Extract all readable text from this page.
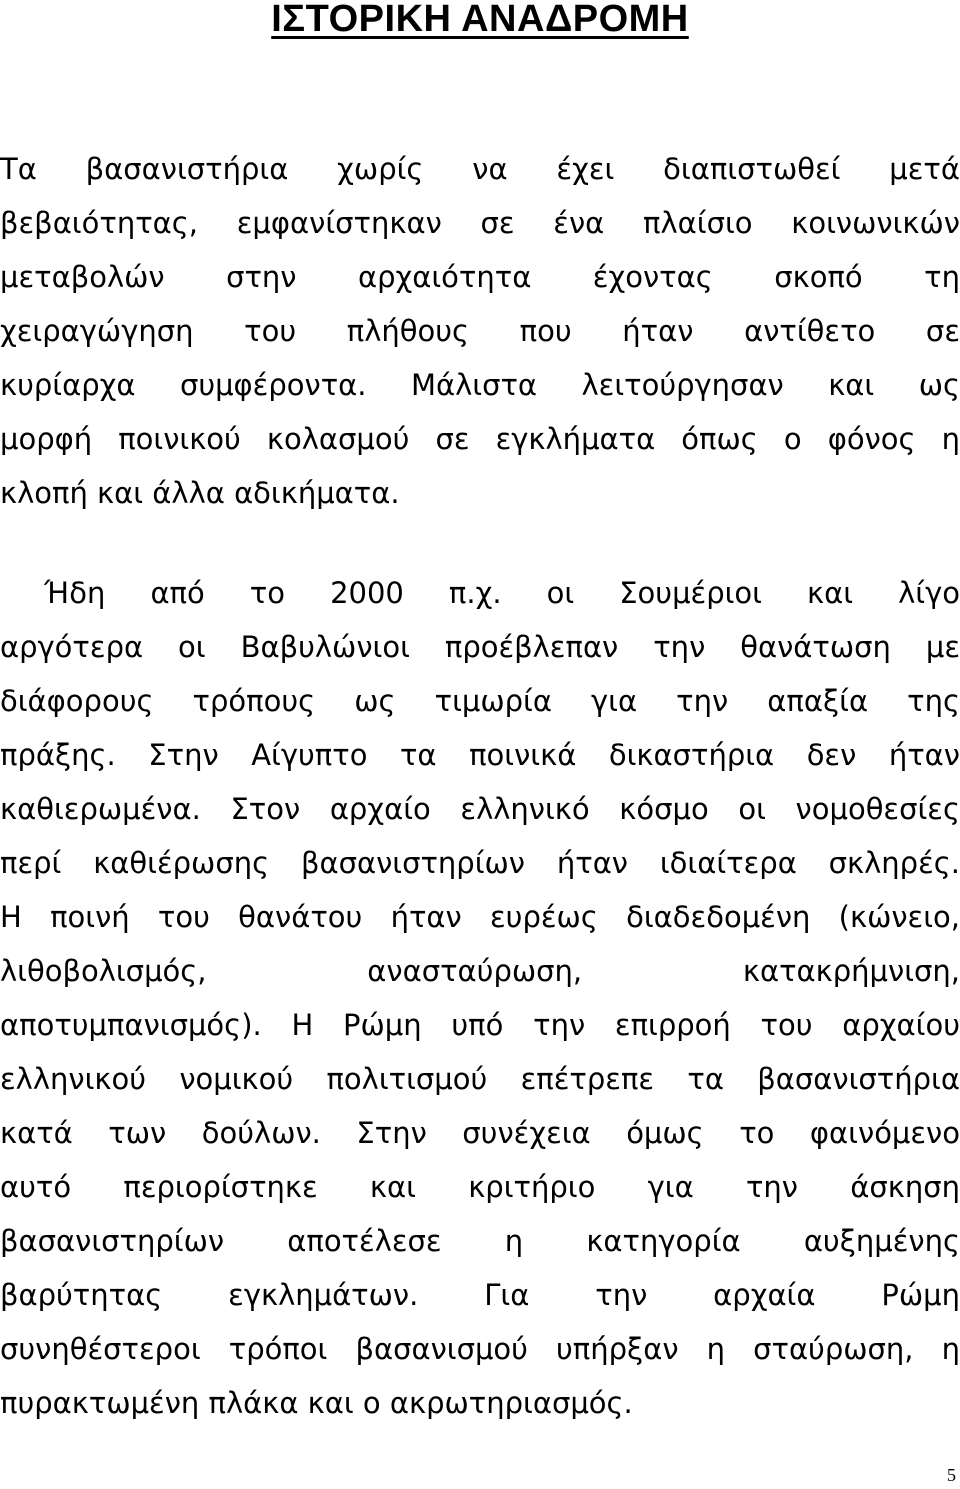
ΙΣΤΟΡΙΚΗ ΑΝΑΔΡΟΜΗ
Τα βασανιστήρια χωρίς να έχει διαπιστωθεί μετά
βεβαιότητας, εμφανίστηκαν σε ένα πλαίσιο κοινωνικών
μεταβολών στην αρχαιότητα έχοντας σκοπό τη
χειραγώγηση του πλήθους που ήταν αντίθετο σε
κυρίαρχα συμφέροντα. Μάλιστα λειτούργησαν και ως
μορφή ποινικού κολασμού σε εγκλήματα όπως ο φόνος η
κλοπή και άλλα αδικήματα.
Ήδη από το 2000 π.χ. οι Σουμέριοι και λίγο
αργότερα οι Βαβυλώνιοι προέβλεπαν την θανάτωση με
διάφορους τρόπους ως τιμωρία για την απαξία της
πράξης. Στην Αίγυπτο τα ποινικά δικαστήρια δεν ήταν
καθιερωμένα. Στον αρχαίο ελληνικό κόσμο οι νομοθεσίες
περί καθιέρωσης βασανιστηρίων ήταν ιδιαίτερα σκληρές.
Η ποινή του θανάτου ήταν ευρέως διαδεδομένη (κώνειο,
λιθοβολισμός, ανασταύρωση, κατακρήμνιση,
αποτυμπανισμός). Η Ρώμη υπό την επιρροή του αρχαίου
ελληνικού νομικού πολιτισμού επέτρεπε τα βασανιστήρια
κατά των δούλων. Στην συνέχεια όμως το φαινόμενο
αυτό περιορίστηκε και κριτήριο για την άσκηση
βασανιστηρίων αποτέλεσε η κατηγορία αυξημένης
βαρύτητας εγκλημάτων. Για την αρχαία Ρώμη
συνηθέστεροι τρόποι βασανισμού υπήρξαν η σταύρωση, η
πυρακτωμένη πλάκα και ο ακρωτηριασμός.
5
